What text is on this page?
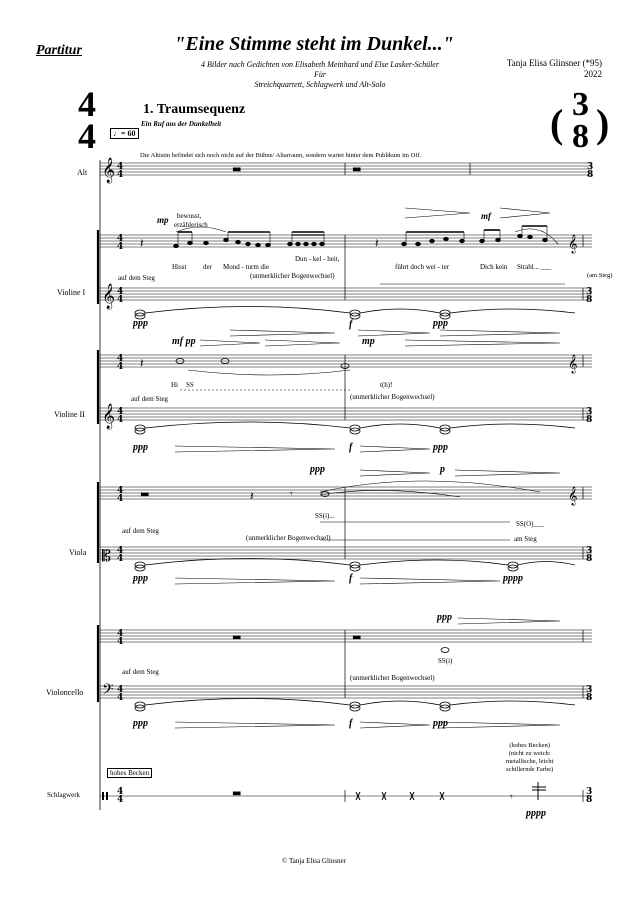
Partitur	"Eine Stimme steht im Dunkel..."
4 Bilder nach Gedichten von Elisabeth Meinhard und Else Lasker-Schüler
Für
Streichquartett, Schlagwerk und Alt-Solo
Tanja Elisa Glinsner (*95)
2022
4
4	( 3
8 )
1. Traumsequenz
Ein Ruf aus der Dunkelheit
♩= 60
Alt
Violine I
Violine II
Viola
Violoncello
Schlagwerk
Die Altistin befindet sich noch nicht auf der Bühne/ Altarraum, sondern wartet hinter dem Publikum im Off.
mp bewusst,
erzählerisch
mf
Hisst der Mond - turm die
Dun - kel - heit,
führt doch wei - ter	Dich kein Strahl... ___
auf dem Steg	(unmerklicher Bogenwechsel)	(am Steg)
ppp	f	ppp
mf pp	mp
Hi SS	t(h)!
auf dem Steg	(unmerklicher Bogenwechsel)
ppp	f	ppp
ppp	p
SS(i)...
SS(O)___
auf dem Steg
(unmerklicher Bogenwechsel)	am Steg
ppp	f	pppp
ppp
SS(i)
auf dem Steg
(unmerklicher Bogenwechsel)
ppp	f	ppp
hohes Becken
(hohes Becken)
(nicht zu weich:
metallische, leicht
schillernde Farbe)
pppp
© Tanja Elisa Glinsner
𝄞 4
4
4
4
𝄞 4
4
4
4
𝄞 4
4
4
4
𝄡 4
4
4
4
𝄢 4
4
4
4
3
8
3
8
3
8
3
8
3
8
3
8
𝄞
𝄞
𝄞
▬	▬
▬	▬
▬
▬
𝄽	𝄽
𝄽
𝄽	𝄾
𝄾
